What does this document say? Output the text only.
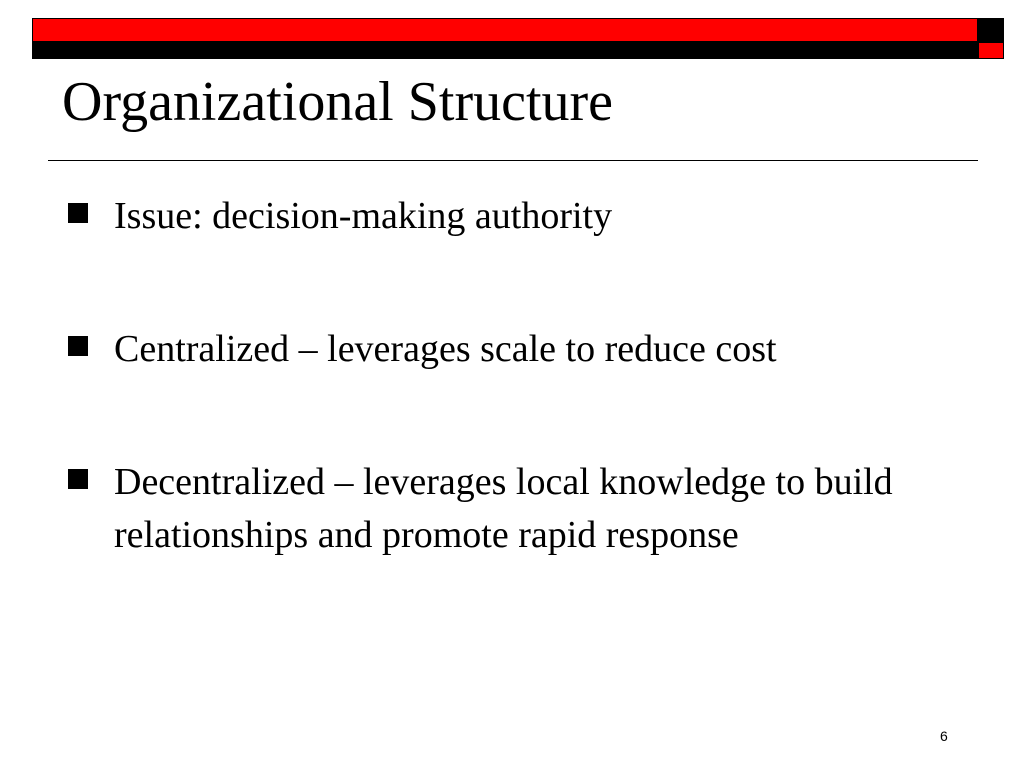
Organizational Structure
Issue: decision-making authority
Centralized – leverages scale to reduce cost
Decentralized – leverages local knowledge to build relationships and promote rapid response
6
